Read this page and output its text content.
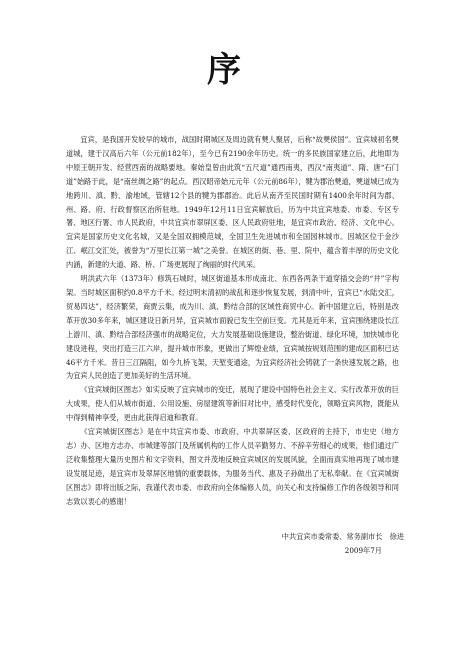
序

宜宾，是我国开发较早的城市，战国时期城区及周边就有僰人聚居，后称“故僰侯国”。宜宾城初名僰道城，建于汉高后六年（公元前182年），至今已有2190余年历史。统一的多民族国家建立后，此地即为中原王朝开发、经营西南的战略要地。秦始皇曾由此筑“五尺道”通西南夷，西汉“南夷道”、隋、唐“石门道”始路于此，是“南丝绸之路”的起点。西汉昭帝始元元年（公元前86年），犍为郡治僰道，僰道城已成为地跨川、滇、黔、渝地域，管辖12个县的犍为郡郡治。此后从南齐至民国时期有1400余年时间为郡、州、路、府、行政督察区治所驻地。1949年12月11日宜宾解放后，历为中共宜宾地委、市委、专区专署、地区行署、市人民政府，中共宜宾市翠屏区委、区人民政府驻地，是宜宾市政治、经济、文化中心。宜宾是国家历史文化名城，又是全国双拥模范城，全国卫生先进城市和全国园林城市。因城区位于金沙江、岷江交汇处，被誉为“万里长江第一城”之美誉。在城区的街、巷、里、院中，蕴含着丰厚的历史文化内涵，新建的大道、路、桥、广场更展现了绚丽的时代风采。

明洪武六年（1373年）修筑石城时，城区街道基本形成南北、东西各两条干道穿插交会的“井”字构架。当时城区面积约0.8平方千米。经过明末清初的战乱和逐步恢复发展，到清中叶，宜宾已“水陆交汇，贸易四达”，经济繁荣，商贾云集，成为川、滇、黔结合部的区域性商贸中心。新中国建立后，特别是改革开放30多年来，城区建设日新月异，宜宾城市面貌已发生空前巨变。尤其是近年来，宜宾围绕建设长江上游川、滇、黔结合部经济强市的战略定位，大力发展基础设施建设，整治街道、绿化环境，加快城市化建设进程，突出打造三江六岸，提升城市形象，更做出了辉煌业绩，宜宾城按规划范围的建成区面积已达46平方千米。昔日三江隔阻，如今九桥飞架，天堑变通途，为宜宾经济社会铸就了一条快速发展之路，也为宜宾人民创造了更加美好的生活环境。

《宜宾城街区图志》如实反映了宜宾城市的变迁，展现了建设中国特色社会主义、实行改革开放的巨大成果，使人们从城市街道、公用设施、房屋建筑等新旧对比中，感受时代变化，领略宜宾风物，既能从中得到精神享受，更由此获得启迪和教育。

《宜宾城街区图志》是在中共宜宾市委、市政府、中共翠屏区委、区政府的主持下，市史史（地方志）办、区地方志办、市城建等部门及所属机构的工作人员辛勤努力、不辞辛劳细心的成果，他们通过广泛收集整理大量历史图片和文字资料，图文并茂地反映宜宾城区的发展风貌，全面而真实地再现了城市建设发展足迹，是宜宾市及翠屏区地情的重要载体，为服务当代、惠及子孙做出了无私奉献。在《宜宾城街区图志》即将出版之际，我谨代表市委、市政府向全体编修人员，向关心和支持编修工作的各级领导和同志致以衷心的感谢！

中共宜宾市委常委、常务副市长　徐进
2009年7月
